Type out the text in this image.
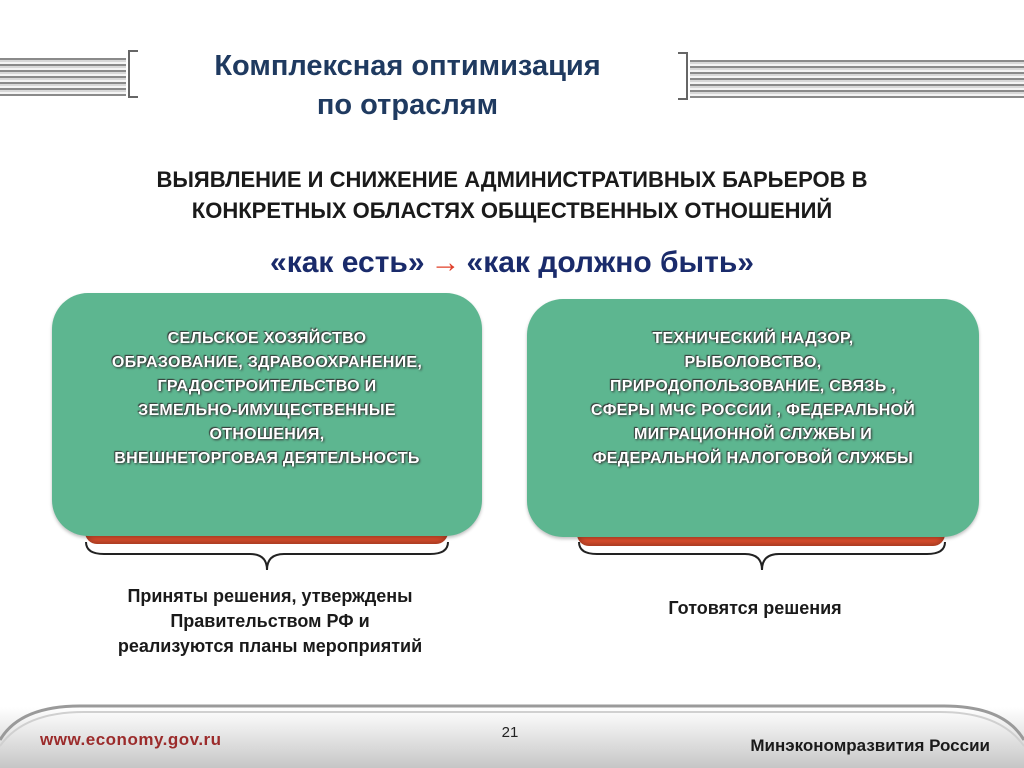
Комплексная оптимизация
по отраслям
ВЫЯВЛЕНИЕ И СНИЖЕНИЕ АДМИНИСТРАТИВНЫХ БАРЬЕРОВ В
КОНКРЕТНЫХ ОБЛАСТЯХ ОБЩЕСТВЕННЫХ ОТНОШЕНИЙ
«как есть» → «как должно быть»
СЕЛЬСКОЕ ХОЗЯЙСТВО
ОБРАЗОВАНИЕ, ЗДРАВООХРАНЕНИЕ,
ГРАДОСТРОИТЕЛЬСТВО И
ЗЕМЕЛЬНО-ИМУЩЕСТВЕННЫЕ
ОТНОШЕНИЯ,
ВНЕШНЕТОРГОВАЯ ДЕЯТЕЛЬНОСТЬ
ТЕХНИЧЕСКИЙ НАДЗОР,
РЫБОЛОВСТВО,
ПРИРОДОПОЛЬЗОВАНИЕ, СВЯЗЬ ,
СФЕРЫ МЧС РОССИИ , ФЕДЕРАЛЬНОЙ
МИГРАЦИОННОЙ СЛУЖБЫ И
ФЕДЕРАЛЬНОЙ НАЛОГОВОЙ СЛУЖБЫ
Приняты решения, утверждены
Правительством РФ и
реализуются планы мероприятий
Готовятся решения
21
www.economy.gov.ru	Минэкономразвития России
